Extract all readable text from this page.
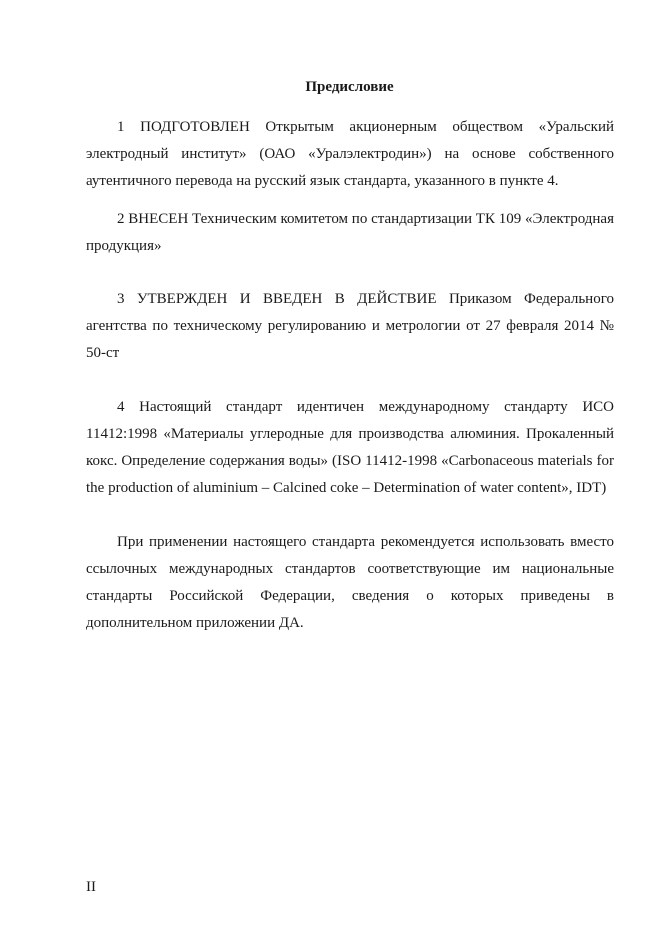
Предисловие

1 ПОДГОТОВЛЕН Открытым акционерным обществом «Уральский электродный институт» (ОАО «Уралэлектродин») на основе собственного аутентичного перевода на русский язык стандарта, указанного в пункте 4.

2 ВНЕСЕН Техническим комитетом по стандартизации ТК 109 «Электродная продукция»

3 УТВЕРЖДЕН И ВВЕДЕН В ДЕЙСТВИЕ Приказом Федерального агентства по техническому регулированию и метрологии от 27 февраля 2014 № 50-ст

4 Настоящий стандарт идентичен международному стандарту ИСО 11412:1998 «Материалы углеродные для производства алюминия. Прокаленный кокс. Определение содержания воды» (ISO 11412-1998 «Carbonaceous materials for the production of aluminium – Calcined coke – Determination of water content», IDT)

При применении настоящего стандарта рекомендуется использовать вместо ссылочных международных стандартов соответствующие им национальные стандарты Российской Федерации, сведения о которых приведены в дополнительном приложении ДА.

II
